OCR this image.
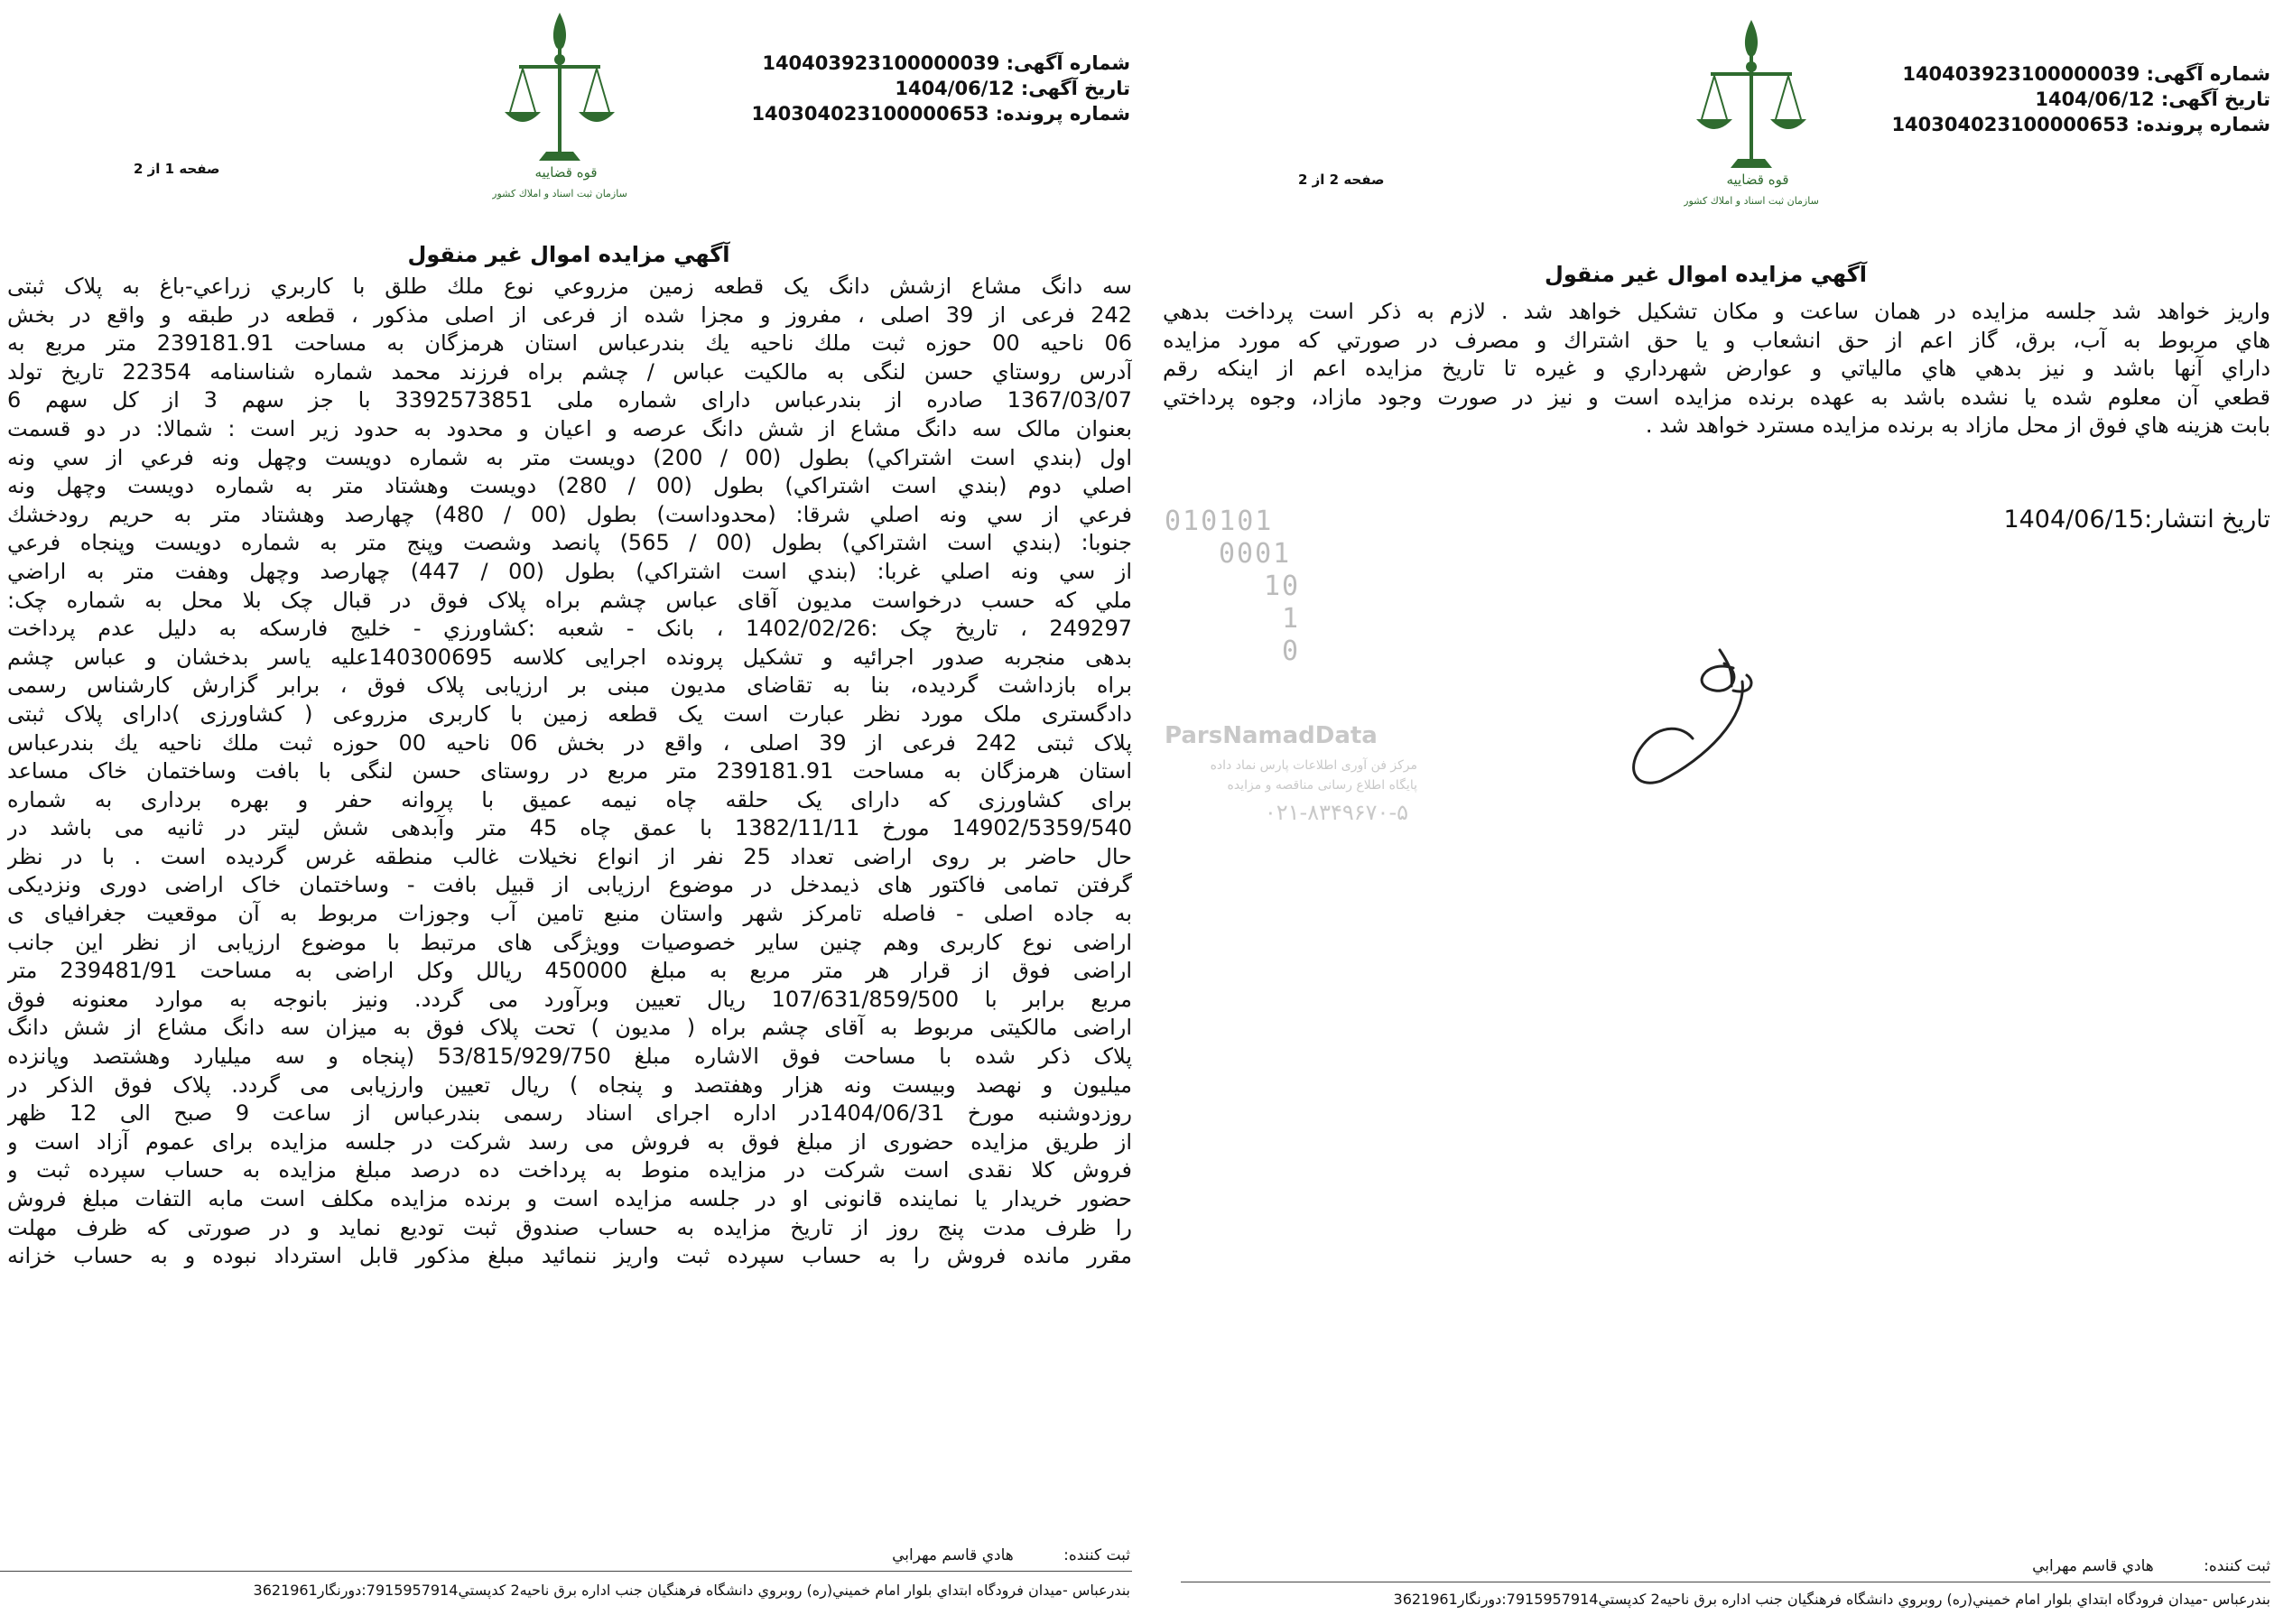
شماره آگهی: 140403923100000039
تاریخ آگهی: 1404/06/12
شماره پرونده: 140304023100000653
قوه قضاييه
سازمان ثبت اسناد و املاك كشور
صفحه 1 از 2
آگهي مزايده اموال غير منقول
سه دانگ مشاع ازشش دانگ يک قطعه زمين مزروعي نوع ملك طلق با كاربري زراعي-باغ به پلاک ثبتی
242 فرعی از 39 اصلی ، مفروز و مجزا شده از فرعی از اصلی مذکور ، قطعه در طبقه و واقع در بخش
06 ناحيه 00 حوزه ثبت ملك ناحيه يك بندرعباس استان هرمزگان به مساحت 239181.91 متر مربع به
آدرس روستاي حسن لنگی به مالکيت عباس / چشم براه فرزند محمد شماره شناسنامه 22354 تاريخ تولد
1367/03/07 صادره از بندرعباس دارای شماره ملی 3392573851 با جز سهم 3 از کل سهم 6
بعنوان مالک سه دانگ مشاع از شش دانگ عرصه و اعيان و محدود به حدود زير است : شمالا: در دو قسمت
اول (بندي است اشتراكي) بطول (00 / 200) دويست متر به شماره دويست وچهل ونه فرعي از سي ونه
اصلي دوم (بندي است اشتراكي) بطول (00 / 280) دويست وهشتاد متر به شماره دويست وچهل ونه
فرعي از سي ونه اصلي شرقا: (محدوداست) بطول (00 / 480) چهارصد وهشتاد متر به حريم رودخشك
جنوبا: (بندي است اشتراكي) بطول (00 / 565) پانصد وشصت وپنج متر به شماره دويست وپنجاه فرعي
از سي ونه اصلي غربا: (بندي است اشتراكي) بطول (00 / 447) چهارصد وچهل وهفت متر به اراضي
ملي که حسب درخواست مديون آقای عباس چشم براه پلاک فوق در قبال چک بلا محل به شماره چک:
249297 ، تاريخ چک :1402/02/26 ، بانک - شعبه :كشاورزي - خليج فارسكه به دليل عدم پرداخت
بدهی منجربه صدور اجرائيه و تشکيل پرونده اجرايی کلاسه 140300695عليه ياسر بدخشان و عباس چشم
براه بازداشت گرديده، بنا به تقاضای مديون مبنی بر ارزيابی پلاک فوق ، برابر گزارش کارشناس رسمی
دادگستری ملک مورد نظر عبارت است يک قطعه زمين با کاربری مزروعی ( کشاورزی )دارای پلاک ثبتی
پلاک ثبتی 242 فرعی از 39 اصلی ، واقع در بخش 06 ناحيه 00 حوزه ثبت ملك ناحيه يك بندرعباس
استان هرمزگان به مساحت 239181.91 متر مربع در روستای حسن لنگی با بافت وساختمان خاک مساعد
برای کشاورزی که دارای يک حلقه چاه نيمه عميق با پروانه حفر و بهره برداری به شماره
14902/5359/540 مورخ 1382/11/11 با عمق چاه 45 متر وآبدهی شش ليتر در ثانيه می باشد در
حال حاضر بر روی اراضی تعداد 25 نفر از انواع نخيلات غالب منطقه غرس گرديده است . با در نظر
گرفتن تمامی فاکتور های ذيمدخل در موضوع ارزيابی از قبيل بافت - وساختمان خاک اراضی دوری ونزديکی
به جاده اصلی - فاصله تامرکز شهر واستان منبع تامين آب وجوزات مربوط به آن موقعيت جغرافيای ی
اراضی نوع کاربری وهم چنين ساير خصوصيات وويژگی های مرتبط با موضوع ارزيابی از نظر اين جانب
اراضی فوق از قرار هر متر مربع به مبلغ 450000 ريالل وکل اراضی به مساحت 239481/91 متر
مربع برابر با 107/631/859/500 ريال تعيين وبرآورد می گردد. ونيز بانوجه به موارد معنونه فوق
اراضی مالکيتی مربوط به آقای چشم براه ( مديون ) تحت پلاک فوق به ميزان سه دانگ مشاع از شش دانگ
پلاک ذکر شده با مساحت فوق الاشاره مبلغ 53/815/929/750 (پنجاه و سه ميليارد وهشتصد وپانزده
ميليون و نهصد وبيست ونه هزار وهفتصد و پنجاه ) ريال تعيين وارزيابی می گردد. پلاک فوق الذکر در
روزدوشنبه مورخ 1404/06/31در اداره اجرای اسناد رسمی بندرعباس از ساعت 9 صبح الی 12 ظهر
از طريق مزايده حضوری از مبلغ فوق به فروش می رسد شرکت در جلسه مزايده برای عموم آزاد است و
فروش کلا نقدی است شرکت در مزايده منوط به پرداخت ده درصد مبلغ مزايده به حساب سپرده ثبت و
حضور خريدار يا نماينده قانونی او در جلسه مزايده است و برنده مزايده مکلف است مابه التفات مبلغ فروش
را ظرف مدت پنج روز از تاريخ مزايده به حساب صندوق ثبت توديع نمايد و در صورتی که ظرف مهلت
مقرر مانده فروش را به حساب سپرده ثبت واريز ننمائيد مبلغ مذکور قابل استرداد نبوده و به حساب خزانه
ثبت كننده: هادي قاسم مهرابي
بندرعباس -ميدان فرودگاه ابتداي بلوار امام خميني(ره) روبروي دانشگاه فرهنگيان جنب اداره برق ناحيه2 كدپستي7915957914:دورنگار3621961
شماره آگهی: 140403923100000039
تاریخ آگهی: 1404/06/12
شماره پرونده: 140304023100000653
قوه قضاييه
سازمان ثبت اسناد و املاك كشور
صفحه 2 از 2
آگهي مزايده اموال غير منقول
واريز خواهد شد جلسه مزايده در همان ساعت و مکان تشکيل خواهد شد . لازم به ذكر است پرداخت بدهي
هاي مربوط به آب، برق، گاز اعم از حق انشعاب و يا حق اشتراك و مصرف در صورتي كه مورد مزايده
داراي آنها باشد و نيز بدهي هاي مالياتي و عوارض شهرداري و غيره تا تاريخ مزايده اعم از اينكه رقم
قطعي آن معلوم شده يا نشده باشد به عهده برنده مزايده است و نيز در صورت وجود مازاد، وجوه پرداختي
بابت هزينه هاي فوق از محل مازاد به برنده مزايده مسترد خواهد شد .
تاريخ انتشار:1404/06/15
ثبت كننده: هادي قاسم مهرابي
بندرعباس -ميدان فرودگاه ابتداي بلوار امام خميني(ره) روبروي دانشگاه فرهنگيان جنب اداره برق ناحيه2 كدپستي7915957914:دورنگار3621961
010101
0001
10
1
0
ParsNamadData
مرکز فن آوری اطلاعات پارس نماد داده
پایگاه اطلاع رسانی مناقصه و مزایده
۰۲۱-۸۳۴۹۶۷۰-۵
